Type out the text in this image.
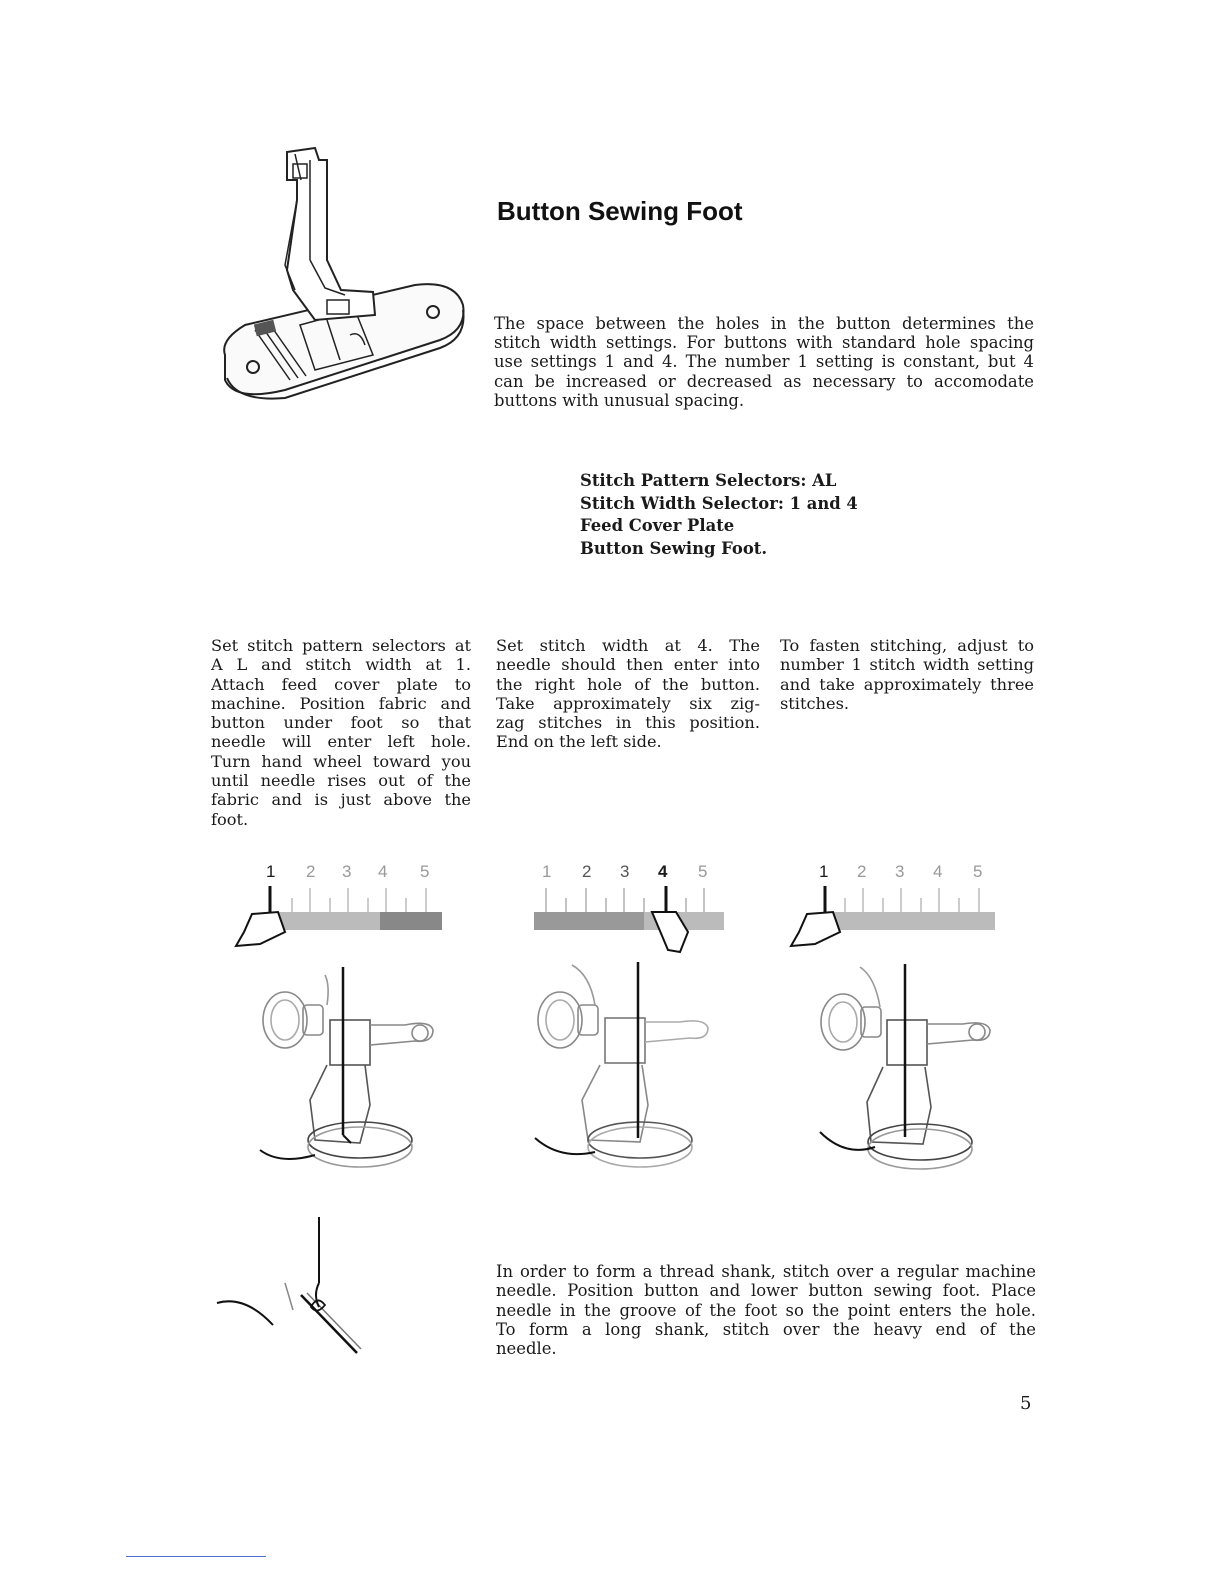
Button Sewing Foot
The space between the holes in the button determines the
stitch width settings. For buttons with standard hole spacing
use settings 1 and 4. The number 1 setting is constant, but 4
can be increased or decreased as necessary to accomodate
buttons with unusual spacing.
Stitch Pattern Selectors: AL
Stitch Width Selector: 1 and 4
Feed Cover Plate
Button Sewing Foot.
Set stitch pattern selectors at
A L and stitch width at 1.
Attach feed cover plate to
machine. Position fabric and
button under foot so that
needle will enter left hole.
Turn hand wheel toward you
until needle rises out of the
fabric and is just above the
foot.
Set stitch width at 4. The
needle should then enter into
the right hole of the button.
Take approximately six zig-
zag stitches in this position.
End on the left side.
To fasten stitching, adjust to
number 1 stitch width setting
and take approximately three
stitches.
1 2 3 4 5	1 2 3 4 5	1 2 3 4 5
In order to form a thread shank, stitch over a regular machine
needle. Position button and lower button sewing foot. Place
needle in the groove of the foot so the point enters the hole.
To form a long shank, stitch over the heavy end of the
needle.
5
